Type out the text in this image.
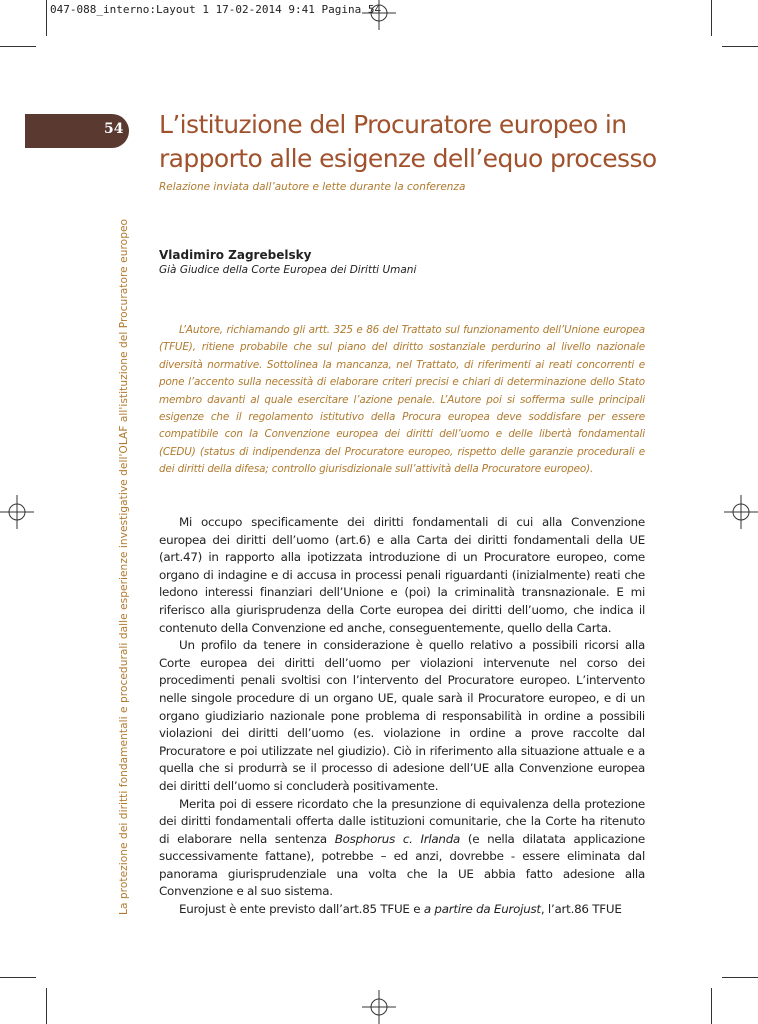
047-088_interno:Layout 1 17-02-2014 9:41 Pagina 54
54
La protezione dei diritti fondamentali e procedurali dalle esperienze investigative dell'OLAF all'istituzione del Procuratore europeo
L’istituzione del Procuratore europeo in rapporto alle esigenze dell’equo processo
Relazione inviata dall’autore e lette durante la conferenza
Vladimiro Zagrebelsky
Già Giudice della Corte Europea dei Diritti Umani

L’Autore, richiamando gli artt. 325 e 86 del Trattato sul funzionamento dell’Unione europea (TFUE), ritiene probabile che sul piano del diritto sostanziale perdurino al livello nazionale diversità normative. Sottolinea la mancanza, nel Trattato, di riferimenti ai reati concorrenti e pone l’accento sulla necessità di elaborare criteri precisi e chiari di determinazione dello Stato membro davanti al quale esercitare l’azione penale. L’Autore poi si sofferma sulle principali esigenze che il regolamento istitutivo della Procura europea deve soddisfare per essere compatibile con la Convenzione europea dei diritti dell’uomo e delle libertà fondamentali (CEDU) (status di indipendenza del Procuratore europeo, rispetto delle garanzie procedurali e dei diritti della difesa; controllo giurisdizionale sull’attività della Procuratore europeo).

Mi occupo specificamente dei diritti fondamentali di cui alla Convenzione europea dei diritti dell’uomo (art.6) e alla Carta dei diritti fondamentali della UE (art.47) in rapporto alla ipotizzata introduzione di un Procuratore europeo, come organo di indagine e di accusa in processi penali riguardanti (inizialmente) reati che ledono interessi finanziari dell’Unione e (poi) la criminalità transnazionale. E mi riferisco alla giurisprudenza della Corte europea dei diritti dell’uomo, che indica il contenuto della Convenzione ed anche, conseguentemente, quello della Carta.

Un profilo da tenere in considerazione è quello relativo a possibili ricorsi alla Corte europea dei diritti dell’uomo per violazioni intervenute nel corso dei procedimenti penali svoltisi con l’intervento del Procuratore europeo. L’intervento nelle singole procedure di un organo UE, quale sarà il Procuratore europeo, e di un organo giudiziario nazionale pone problema di responsabilità in ordine a possibili violazioni dei diritti dell’uomo (es. violazione in ordine a prove raccolte dal Procuratore e poi utilizzate nel giudizio). Ciò in riferimento alla situazione attuale e a quella che si produrrà se il processo di adesione dell’UE alla Convenzione europea dei diritti dell’uomo si concluderà positivamente.

Merita poi di essere ricordato che la presunzione di equivalenza della protezione dei diritti fondamentali offerta dalle istituzioni comunitarie, che la Corte ha ritenuto di elaborare nella sentenza Bosphorus c. Irlanda (e nella dilatata applicazione successivamente fattane), potrebbe – ed anzi, dovrebbe - essere eliminata dal panorama giurisprudenziale una volta che la UE abbia fatto adesione alla Convenzione e al suo sistema.

Eurojust è ente previsto dall’art.85 TFUE e a partire da Eurojust, l’art.86 TFUE
